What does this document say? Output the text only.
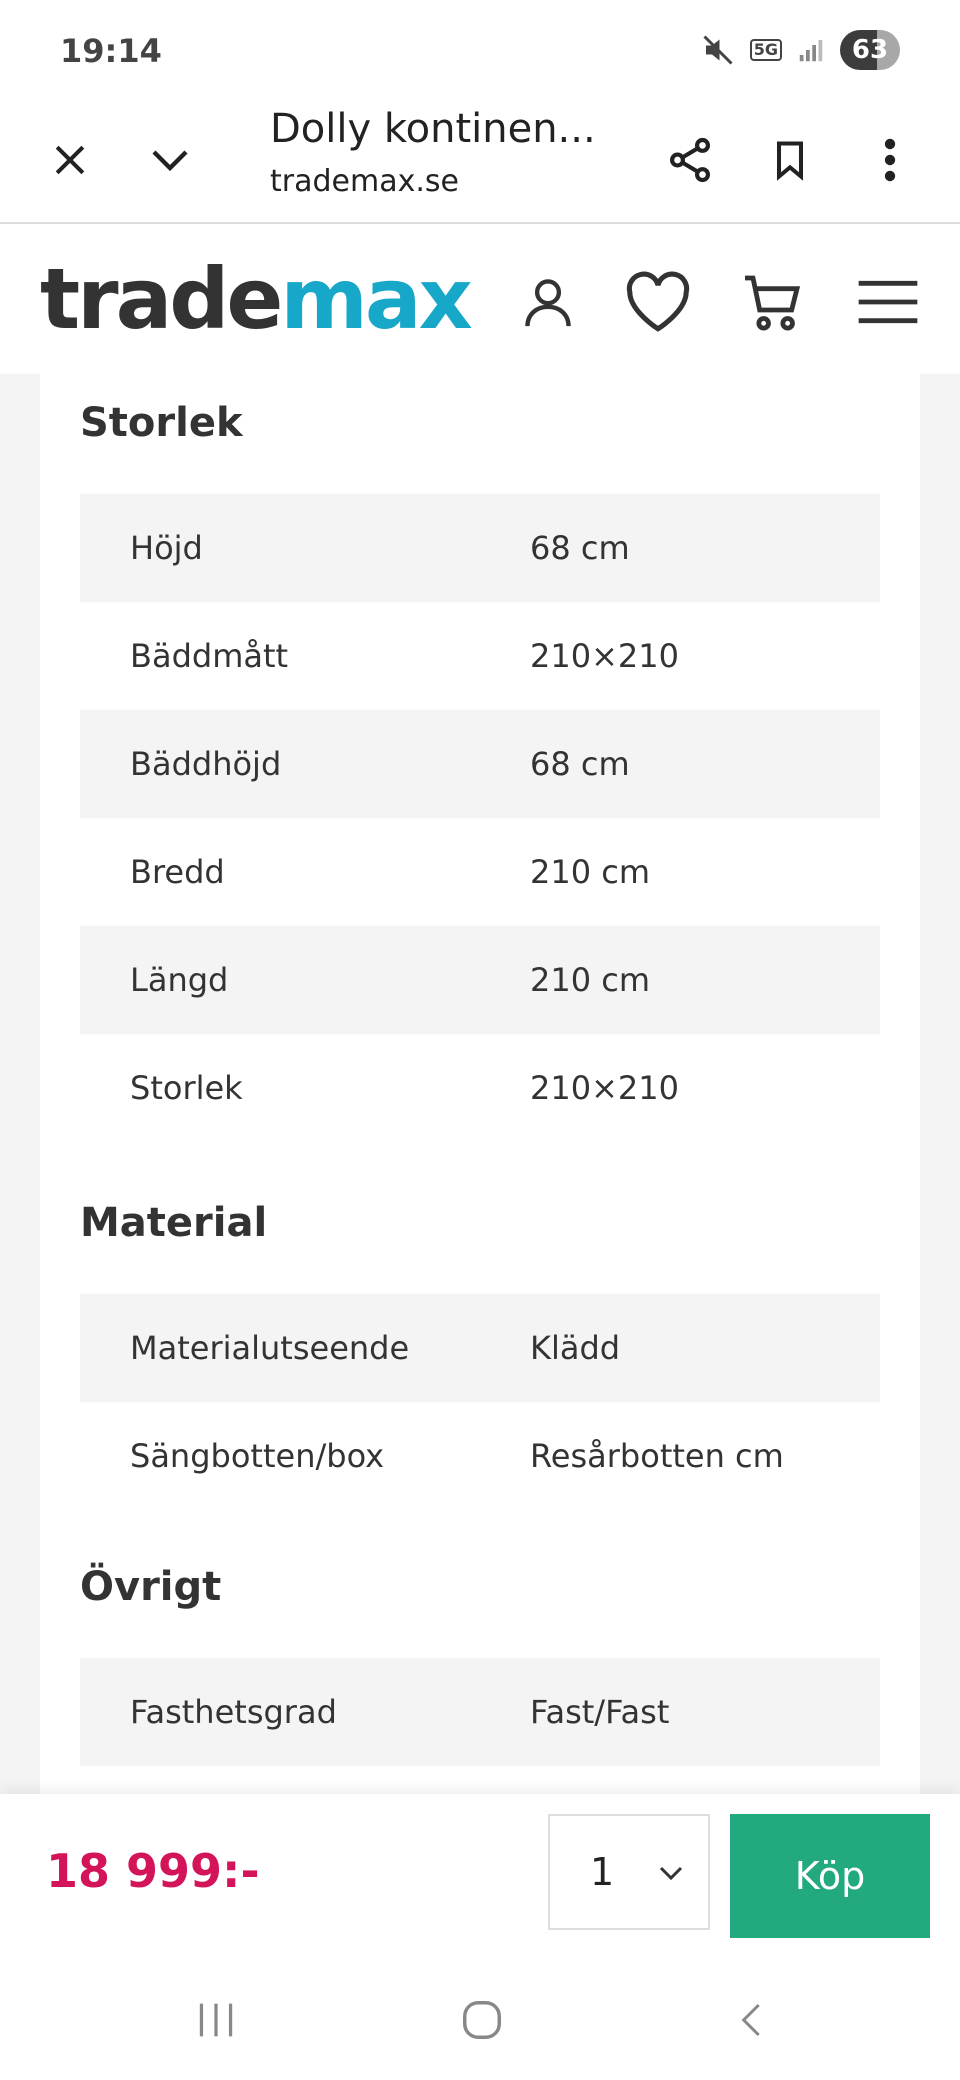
19:14	5G	63
Dolly kontinen...
trademax.se
trademax
Storlek
Höjd	68 cm
Bäddmått	210×210
Bäddhöjd	68 cm
Bredd	210 cm
Längd	210 cm
Storlek	210×210
Material
Materialutseende	Klädd
Sängbotten/box	Resårbotten cm
Övrigt
Fasthetsgrad	Fast/Fast
18 999:-	1	Köp
